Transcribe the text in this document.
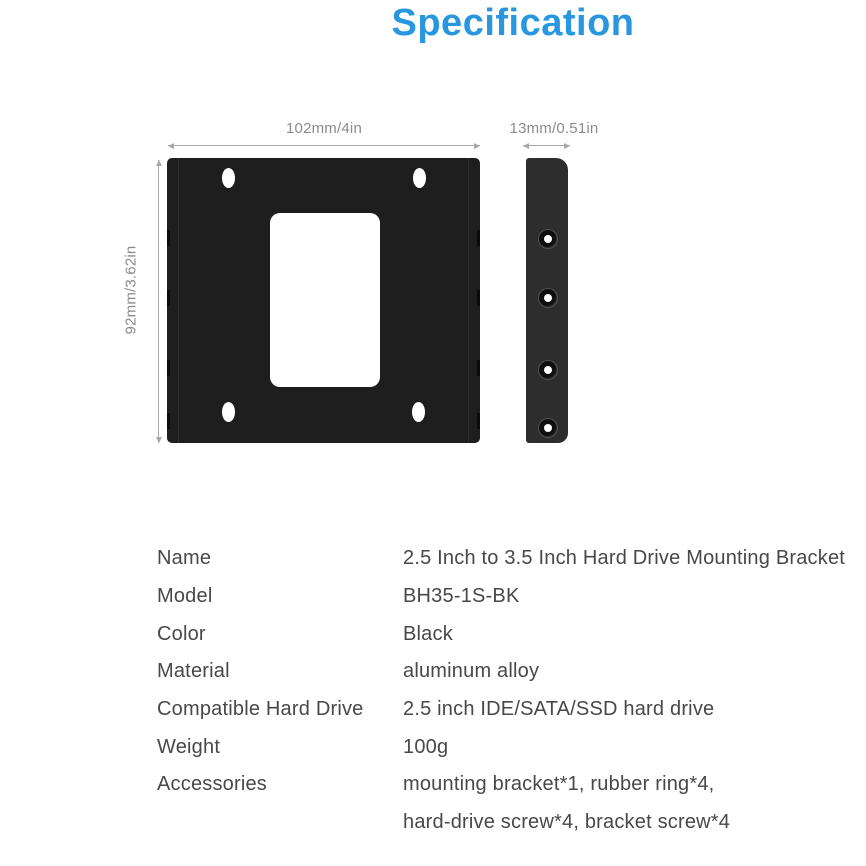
Specification
102mm/4in	13mm/0.51in
92mm/3.62in
Name	2.5 Inch to 3.5 Inch Hard Drive Mounting Bracket
Model	BH35-1S-BK
Color	Black
Material	aluminum alloy
Compatible Hard Drive	2.5 inch IDE/SATA/SSD hard drive
Weight	100g
Accessories	mounting bracket*1, rubber ring*4,
hard-drive screw*4, bracket screw*4
